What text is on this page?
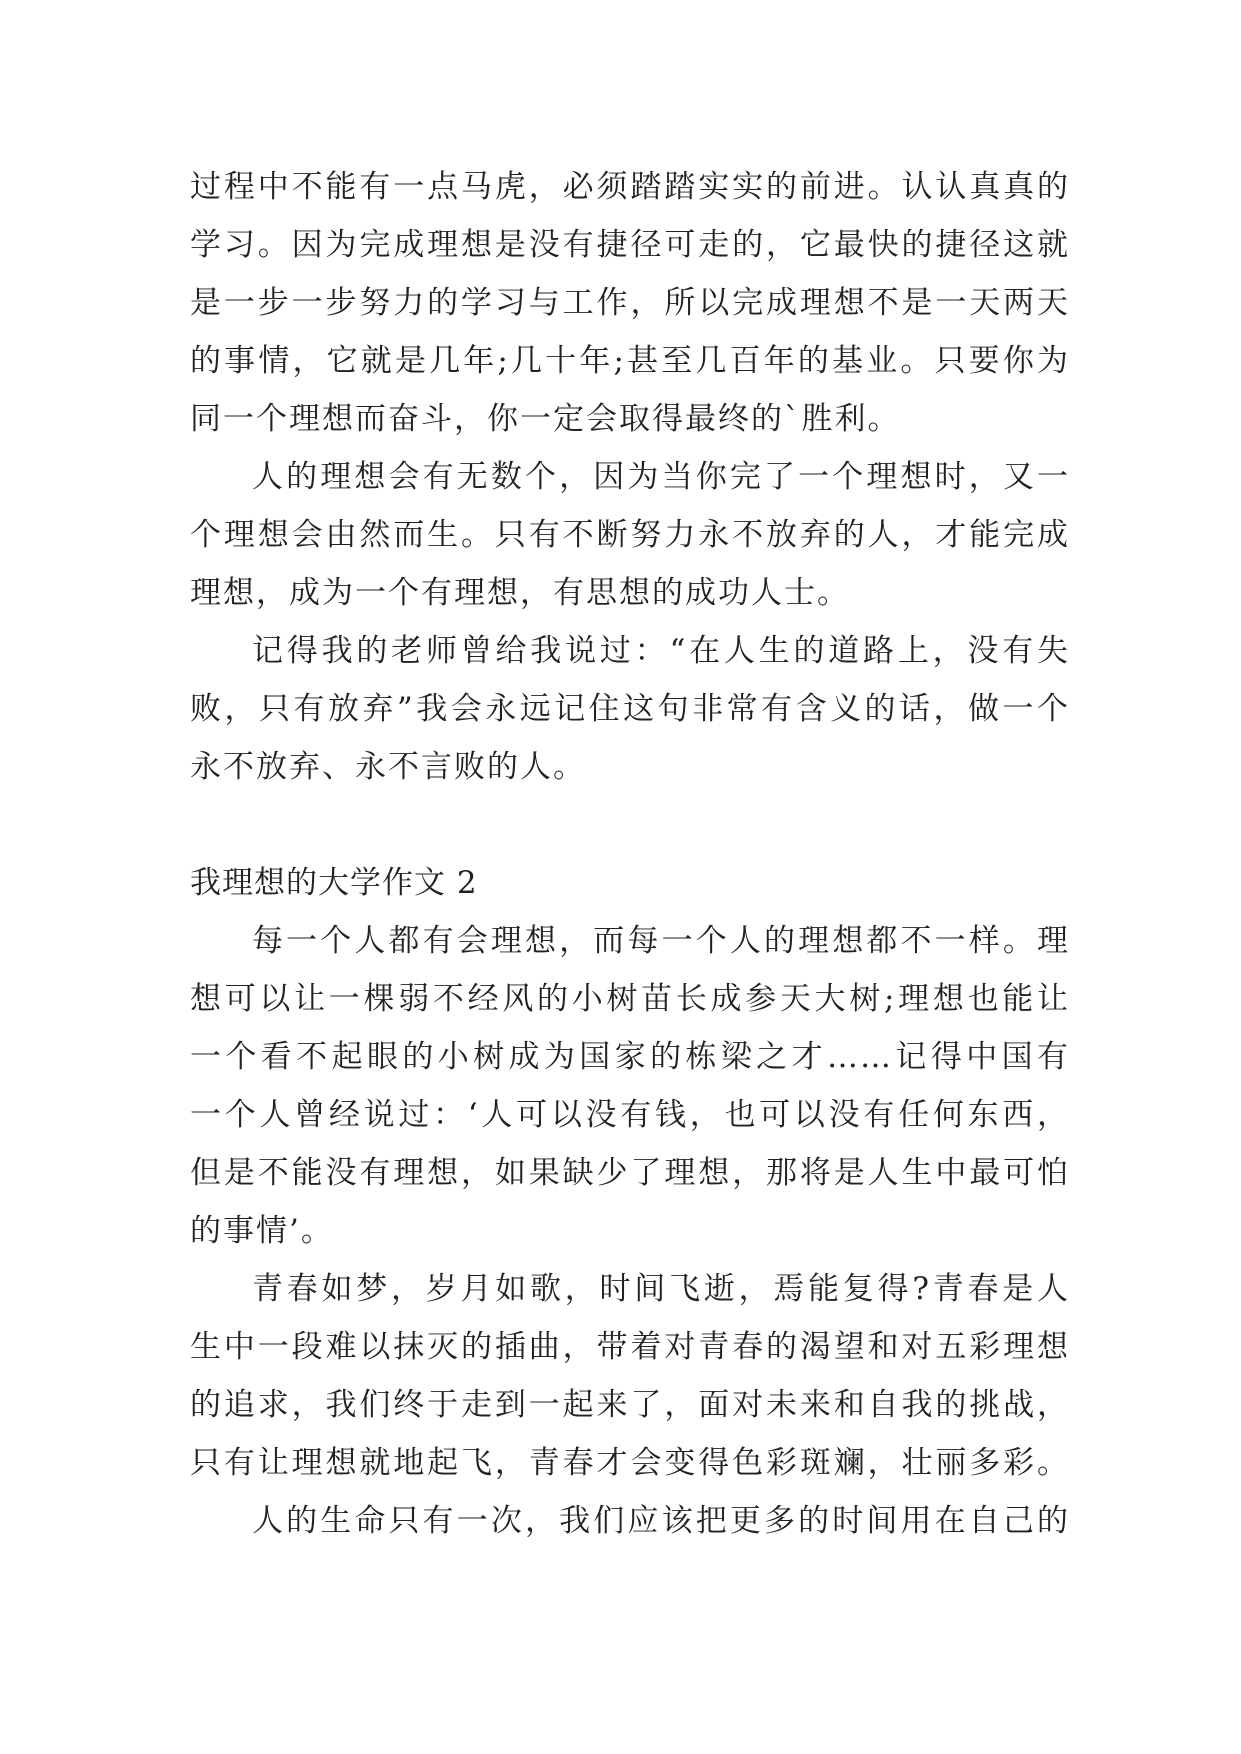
过程中不能有一点马虎，必须踏踏实实的前进。认认真真的
学习。因为完成理想是没有捷径可走的，它最快的捷径这就
是一步一步努力的学习与工作，所以完成理想不是一天两天
的事情，它就是几年;几十年;甚至几百年的基业。只要你为
同一个理想而奋斗，你一定会取得最终的`胜利。
人的理想会有无数个，因为当你完了一个理想时，又一
个理想会由然而生。只有不断努力永不放弃的人，才能完成
理想，成为一个有理想，有思想的成功人士。
记得我的老师曾给我说过：“在人生的道路上，没有失
败，只有放弃”我会永远记住这句非常有含义的话，做一个
永不放弃、永不言败的人。
我理想的大学作文 2
每一个人都有会理想，而每一个人的理想都不一样。理
想可以让一棵弱不经风的小树苗长成参天大树;理想也能让
一个看不起眼的小树成为国家的栋梁之才……记得中国有
一个人曾经说过：‘人可以没有钱，也可以没有任何东西，
但是不能没有理想，如果缺少了理想，那将是人生中最可怕
的事情’。
青春如梦，岁月如歌，时间飞逝，焉能复得?青春是人
生中一段难以抹灭的插曲，带着对青春的渴望和对五彩理想
的追求，我们终于走到一起来了，面对未来和自我的挑战，
只有让理想就地起飞，青春才会变得色彩斑斓，壮丽多彩。
人的生命只有一次，我们应该把更多的时间用在自己的
